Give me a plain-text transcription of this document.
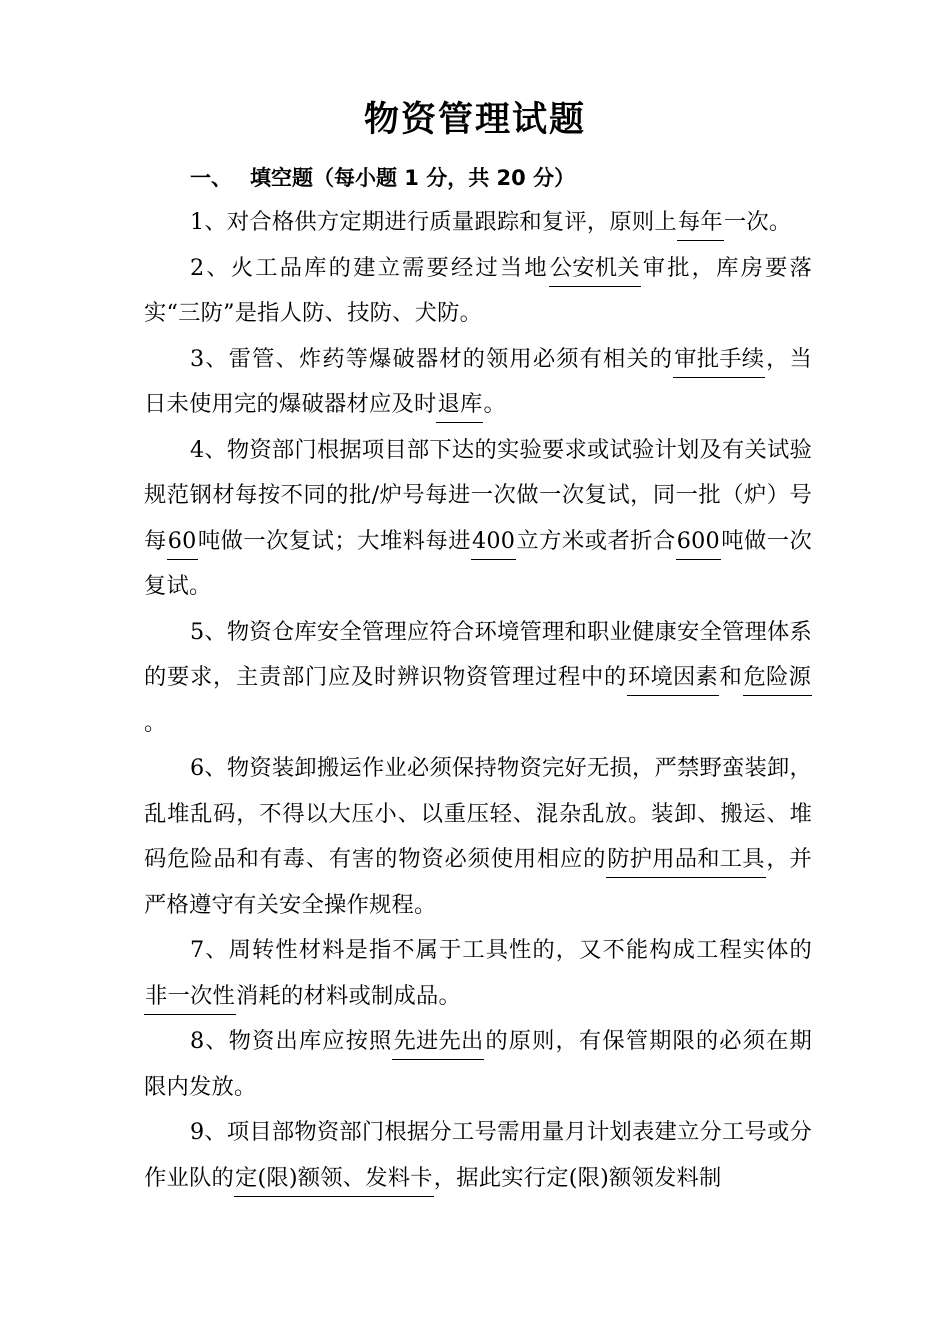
物资管理试题
一、 填空题（每小题 1 分，共 20 分）

1、对合格供方定期进行质量跟踪和复评，原则上每年一次。

2、火工品库的建立需要经过当地公安机关审批，库房要落实“三防”是指人防、技防、犬防。

3、雷管、炸药等爆破器材的领用必须有相关的审批手续，当日未使用完的爆破器材应及时退库。

4、物资部门根据项目部下达的实验要求或试验计划及有关试验规范钢材每按不同的批/炉号每进一次做一次复试，同一批（炉）号每60吨做一次复试；大堆料每进400立方米或者折合600吨做一次复试。

5、物资仓库安全管理应符合环境管理和职业健康安全管理体系的要求，主责部门应及时辨识物资管理过程中的环境因素和危险源。

6、物资装卸搬运作业必须保持物资完好无损，严禁野蛮装卸，乱堆乱码，不得以大压小、以重压轻、混杂乱放。装卸、搬运、堆码危险品和有毒、有害的物资必须使用相应的防护用品和工具，并严格遵守有关安全操作规程。

7、周转性材料是指不属于工具性的，又不能构成工程实体的非一次性消耗的材料或制成品。

8、物资出库应按照先进先出的原则，有保管期限的必须在期限内发放。

9、项目部物资部门根据分工号需用量月计划表建立分工号或分作业队的定(限)额领、发料卡，据此实行定(限)额领发料制
